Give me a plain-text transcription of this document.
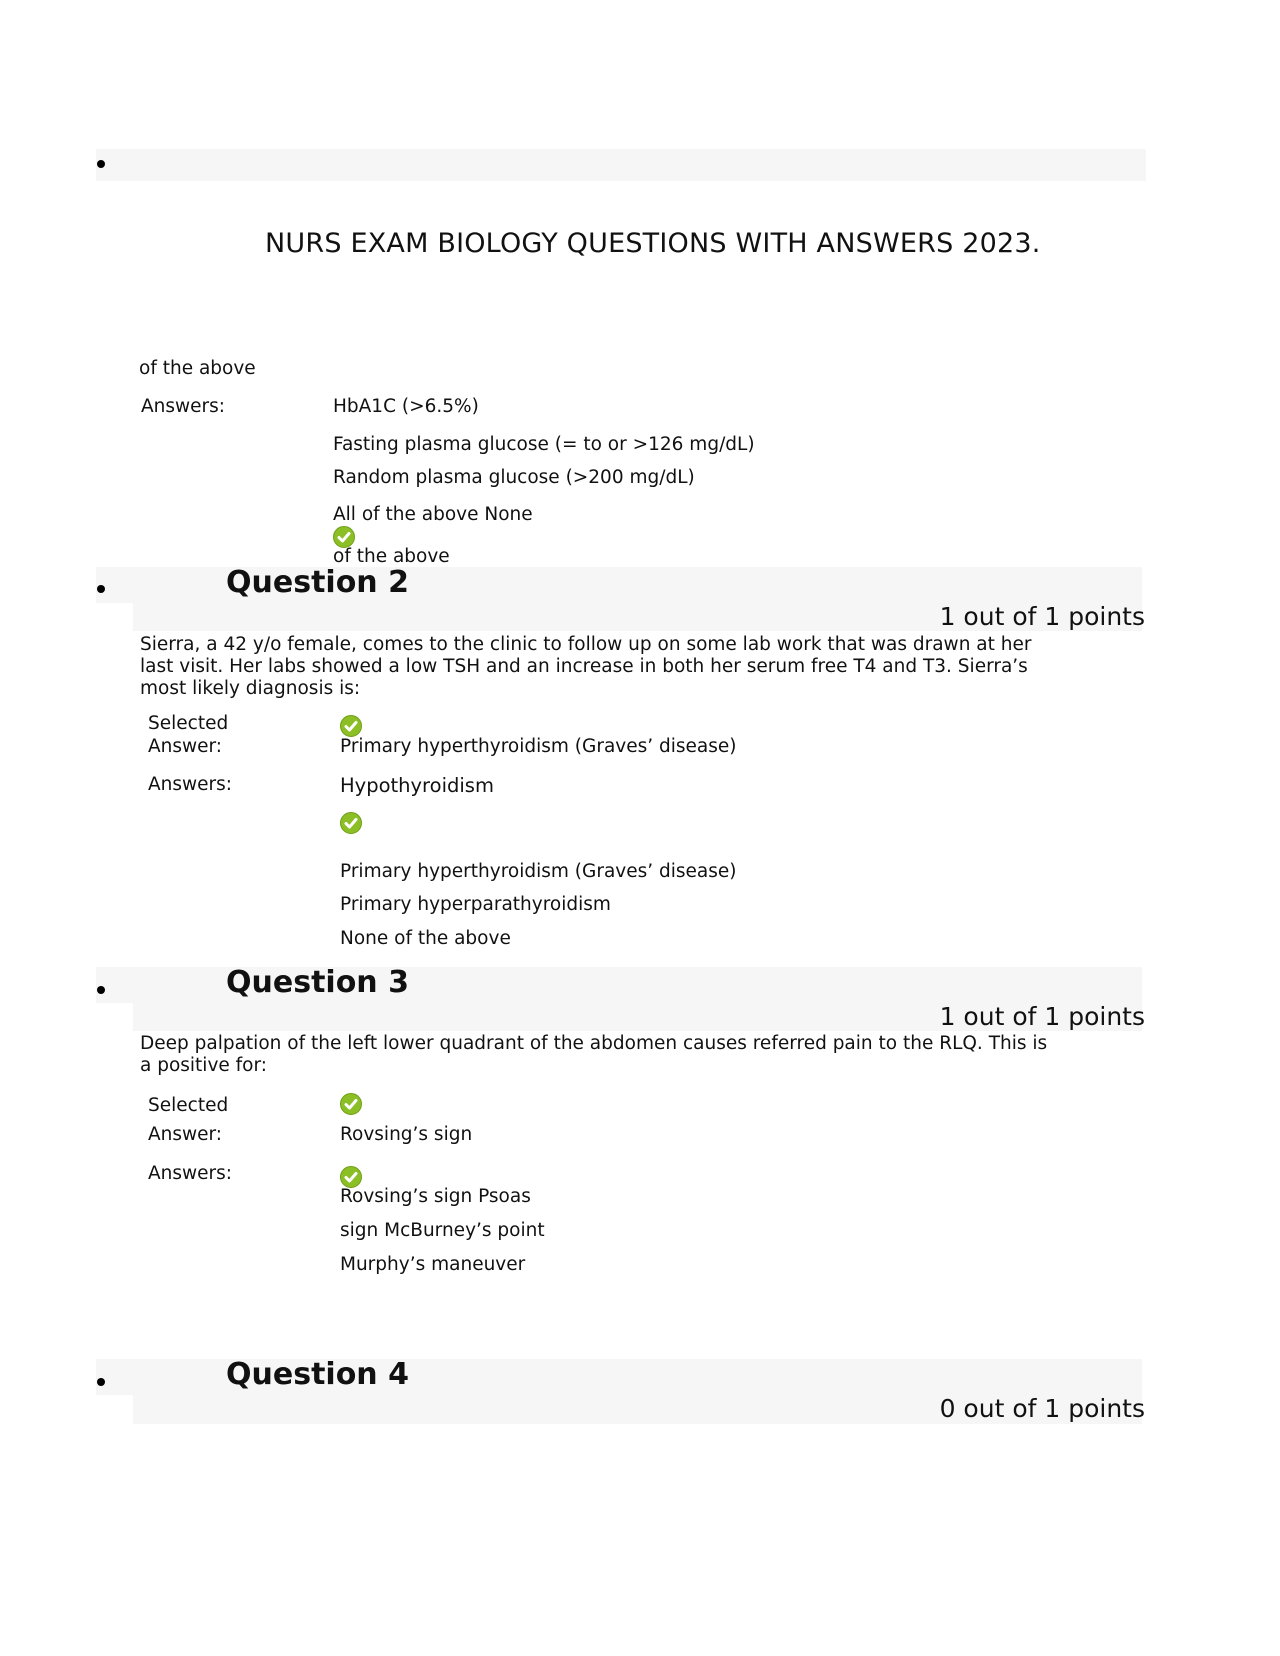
NURS EXAM BIOLOGY QUESTIONS WITH ANSWERS 2023.
of the above
Answers:	HbA1C (>6.5%)
Fasting plasma glucose (= to or >126 mg/dL)
Random plasma glucose (>200 mg/dL)
All of the above None
of the above
Question 2
1 out of 1 points
Sierra, a 42 y/o female, comes to the clinic to follow up on some lab work that was drawn at her last visit. Her labs showed a low TSH and an increase in both her serum free T4 and T3. Sierra’s most likely diagnosis is:
Selected
Answer:	Primary hyperthyroidism (Graves’ disease)
Answers:	Hypothyroidism
Primary hyperthyroidism (Graves’ disease)
Primary hyperparathyroidism
None of the above
Question 3
1 out of 1 points
Deep palpation of the left lower quadrant of the abdomen causes referred pain to the RLQ. This is a positive for:
Selected
Answer:	Rovsing’s sign
Answers:
Rovsing’s sign Psoas
sign McBurney’s point
Murphy’s maneuver
Question 4
0 out of 1 points
